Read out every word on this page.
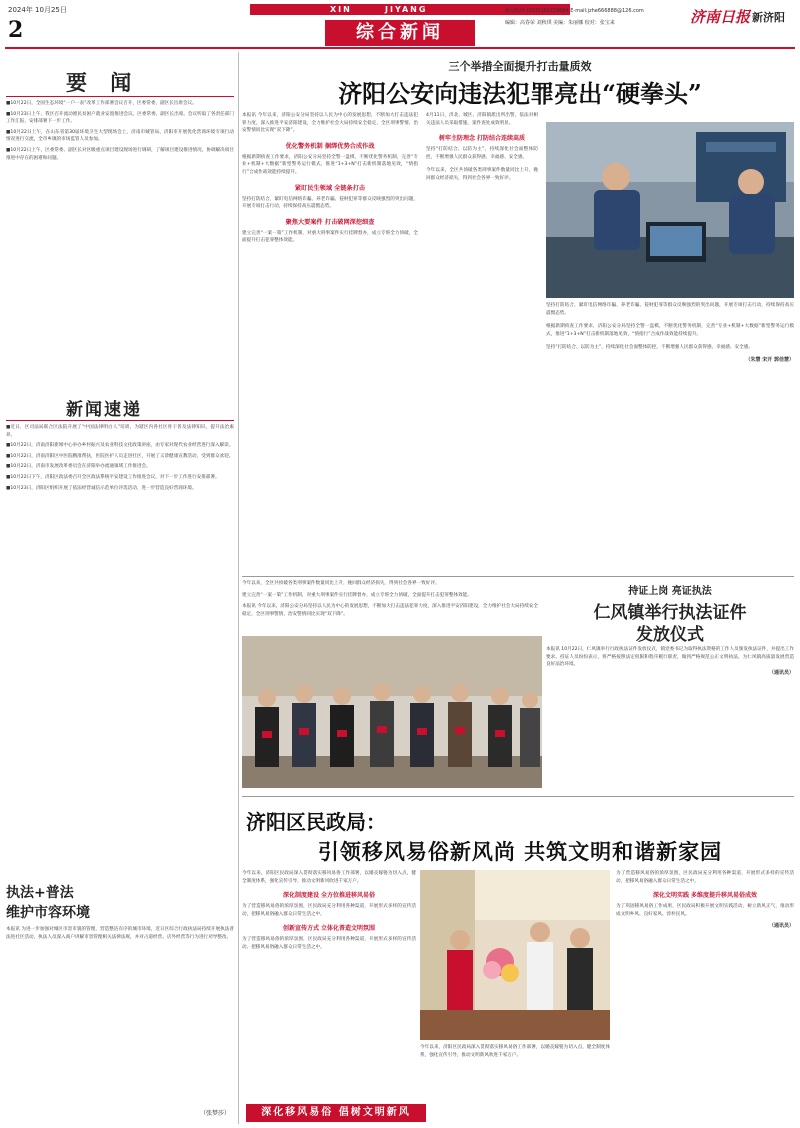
2024年 10月25日
2
XIN	JIYANG	新闻热线 (0531)84229684 E-mail:jzhe666888@126.com
编辑：高春荣 刘秋琪 美编：朱丽娜 校对：张宝来	济南日报 新济阳
综合新闻
要 闻

■10月22日，全国生态环境“一户一表”改革工作部署会议召开，区委常委、副区长出席会议。

■10月23日上午，我区召开流动渔民贫困户就业安置推进会议。区委常委、副区长出席。会议听取了各责任部门工作汇报，安排部署下一步工作。

■10月22日上午，在山东省第30届环境卫生大型现场会上，济南市城管局、济阳市开展优化营商环境专项行动情况进行交流，全市乡镇的市场监管人员参加。

■10月22日上午，区委常委、副区长对区级重点项目建设现场进行调研，了解项目建设推进情况，协调解决项目推进中存在的困难和问题。

新闻速递

■近日，区司法局联合区法院开展了“中国法律明白人”培训，为辖区内各社区骨干普及法律知识，提升法治素养。

■10月22日，济南济阳新闻中心举办乡村振兴及农业科技文化政策讲座，由专家对现代农业经营进行深入解读。

■10月22日，济南济阳区中医院精准帮扶，医院医护人员走进社区，开展了义诊健康宣教活动，受到群众欢迎。

■10月22日，济南市发展改革委员会在济阳举办流通领域工作推进会。

■10月22日下午，济阳区政法委召开全区政法系统平安建设工作推进会议，对下一步工作进行安排部署。

■10月23日，济阳区组织开展了依法经营诚信示范单位评选活动，进一步营造良好营商环境。

执法+普法
维护市容环境

本报讯 为进一步加强对城区市容市貌的管理，营造整洁有序的城市环境，近日区综合行政执法局持续开展执法普法进社区活动，执法人员深入商户讲解市容管理相关法律法规，并对占道经营、店外经营等行为进行劝导整改。

（张梦莎）
三个举措全面提升打击量质效
济阳公安向违法犯罪亮出“硬拳头”

本报讯 今年以来，济阳公安分局坚持以人民为中心的发展思想，不断加大打击违法犯罪力度，深入推进平安济阳建设，全力维护社会大局持续安全稳定，全区刑事警情、治安警情同比实现“双下降”。

优化警务机制 捆绑优势合成作战

根据新期侦查工作要求，济阳公安分局坚持全警一盘棋，不断优化警务机制，完善“专业+机制+大数据”新型警务运行模式，推进“1+3+N”打击新机制落地见效，“情指行”合成作战效能持续提升。

紧盯民生领域 全链条打击

坚持打防结合，紧盯电信网络诈骗、养老诈骗、侵财犯罪等群众反映强烈的突出问题，开展专项打击行动，持续保持高压震慑态势。

聚焦大要案件 打击破网深挖细查

建立完善“一案一策”工作机制，对重大刑事案件实行挂牌督办，成立专班全力侦破，全面提升打击犯罪整体效能。

4月11日，济北、城区、济阳镇派出所出警，依法对相关违法人员采取措施，案件查处成效明显。

树牢主防理念 打防结合连续高质

坚持“打防结合、以防为主”，持续深化社会面整体防控，不断增强人民群众获得感、幸福感、安全感。

今年以来，全区共侦破各类刑事案件数量同比上升，挽回群众经济损失，得到社会各界一致好评。

坚持打防结合，紧盯电信网络诈骗、养老诈骗、侵财犯罪等群众反映强烈的突出问题，开展专项打击行动，持续保持高压震慑态势。

根据新期侦查工作要求，济阳公安分局坚持全警一盘棋，不断优化警务机制，完善“专业+机制+大数据”新型警务运行模式，推进“1+3+N”打击新机制落地见效，“情指行”合成作战效能持续提升。

坚持“打防结合、以防为主”，持续深化社会面整体防控，不断增强人民群众获得感、幸福感、安全感。

（朱慧 宋开 郭佳慧）

今年以来，全区共侦破各类刑事案件数量同比上升，挽回群众经济损失，得到社会各界一致好评。

建立完善“一案一策”工作机制，对重大刑事案件实行挂牌督办，成立专班全力侦破，全面提升打击犯罪整体效能。

本报讯 今年以来，济阳公安分局坚持以人民为中心的发展思想，不断加大打击违法犯罪力度，深入推进平安济阳建设，全力维护社会大局持续安全稳定，全区刑事警情、治安警情同比实现“双下降”。

持证上岗 亮证执法
仁风镇举行执法证件
发放仪式

本报讯 10月22日，仁风镇举行行政执法证件发放仪式，镇党委书记为取得执法资格的工作人员颁发执法证件，并提出工作要求。持证人员纷纷表示，将严格按照法定权限和程序履行职责，做到严格规范公正文明执法，为仁风镇高质量发展营造良好法治环境。

（通讯员）
济阳区民政局：
引领移风易俗新风尚 共筑文明和谐新家园

今年以来，济阳区民政局深入贯彻落实移风易俗工作部署，以婚丧嫁娶为切入点，健全制度体系，强化宣传引导，推动文明新风吹进千家万户。

深化制度建设 全方位推进移风易俗

为了营造移风易俗的浓厚氛围，区民政局充分利用各种渠道，开展形式多样的宣传活动，把移风易俗融入群众日常生活之中。

创新宣传方式 立体化普造文明氛围

为了营造移风易俗的浓厚氛围，区民政局充分利用各种渠道，开展形式多样的宣传活动，把移风易俗融入群众日常生活之中。

今年以来，济阳区民政局深入贯彻落实移风易俗工作部署，以婚丧嫁娶为切入点，健全制度体系，强化宣传引导，推动文明新风吹进千家万户。

为了营造移风易俗的浓厚氛围，区民政局充分利用各种渠道，开展形式多样的宣传活动，把移风易俗融入群众日常生活之中。

深化文明实践 多维度提升移风易俗成效

为了巩固移风易俗工作成果，区民政局积极开展文明实践活动，树立新风正气，推动形成文明乡风、良好家风、淳朴民风。

（通讯员）
深化移风易俗 倡树文明新风
